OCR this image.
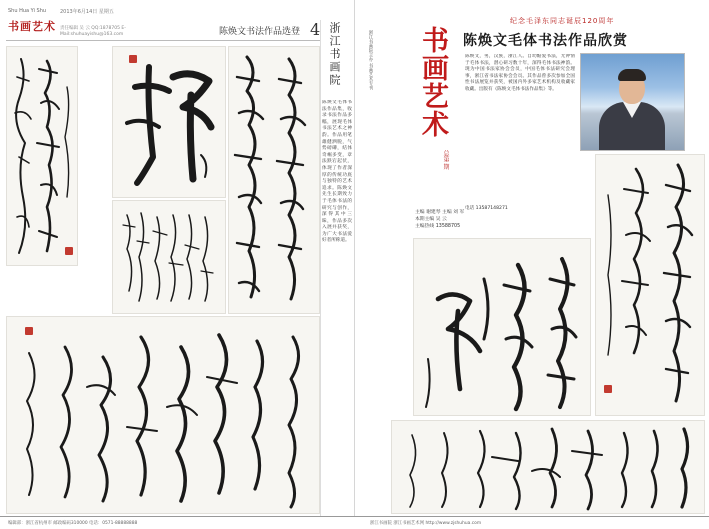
Shu Hua Yi Shu
书画艺术
2013年6月14日 星期五
责任编辑 吴 云 QQ:1878705 E-Mail:shuhuayishu@163.com	陈焕文书法作品选登 4 浙江书画院
陈焕文毛体书法作品集，收录书法作品多幅，展现毛体书法艺术之神韵。作品用笔雄健洒脱，气势磅礴，结体奇崛多变，章法跌宕起伏，体现了作者深厚的传统功底与独特的艺术追求。陈焕文先生长期致力于毛体书法的研究与创作，深得其中三昧，作品多次入展并获奖，为广大书法爱好者所称道。
浙江书画院主办 书画艺术专刊 书画艺术
总第 期
纪念毛泽东同志诞辰120周年
陈焕文毛体书法作品欣赏
主编 谢建琴 主编 刘 军
本期主编 吴 云
主编热线 13588705
陈焕文，男，汉族，浙江人。自幼酷爱书法，尤钟情于毛体书法，潜心研习数十年，深得毛体书法神韵。现为中国书法家协会会员，中国毛体书法研究会理事，浙江省书法家协会会员。其作品曾多次参加全国性书法展览并获奖，被国内外多家艺术机构及收藏家收藏。出版有《陈焕文毛体书法作品集》等。
电话 13587148271
编辑部：浙江省杭州市 邮政编码310000 电话：0571-88888888	浙江书画院 浙江书画艺术网 http://www.zjshuhua.com
